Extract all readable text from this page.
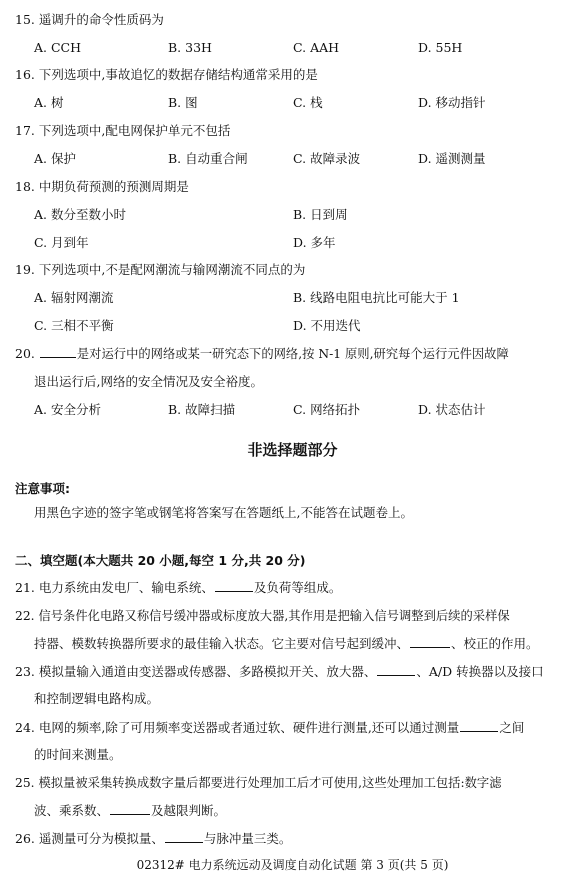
15. 遥调升的命令性质码为
A. CCH	B. 33H	C. AAH	D. 55H
16. 下列选项中,事故追忆的数据存储结构通常采用的是
A. 树	B. 图	C. 栈	D. 移动指针
17. 下列选项中,配电网保护单元不包括
A. 保护	B. 自动重合闸	C. 故障录波	D. 遥测测量
18. 中期负荷预测的预测周期是
A. 数分至数小时	B. 日到周
C. 月到年	D. 多年
19. 下列选项中,不是配网潮流与输网潮流不同点的为
A. 辐射网潮流	B. 线路电阻电抗比可能大于 1
C. 三相不平衡	D. 不用迭代
20.	是对运行中的网络或某一研究态下的网络,按 N-1 原则,研究每个运行元件因故障
退出运行后,网络的安全情况及安全裕度。
A. 安全分析	B. 故障扫描	C. 网络拓扑	D. 状态估计
非选择题部分
注意事项:
用黑色字迹的签字笔或钢笔将答案写在答题纸上,不能答在试题卷上。
二、填空题(本大题共 20 小题,每空 1 分,共 20 分)
21. 电力系统由发电厂、输电系统、	及负荷等组成。
22. 信号条件化电路又称信号缓冲器或标度放大器,其作用是把输入信号调整到后续的采样保
持器、模数转换器所要求的最佳输入状态。它主要对信号起到缓冲、	、校正的作用。
23. 模拟量输入通道由变送器或传感器、多路模拟开关、放大器、	、A/D 转换器以及接口
和控制逻辑电路构成。
24. 电网的频率,除了可用频率变送器或者通过软、硬件进行测量,还可以通过测量	之间
的时间来测量。
25. 模拟量被采集转换成数字量后都要进行处理加工后才可使用,这些处理加工包括:数字滤
波、乘系数、	及越限判断。
26. 遥测量可分为模拟量、	与脉冲量三类。
02312# 电力系统远动及调度自动化试题 第 3 页(共 5 页)
